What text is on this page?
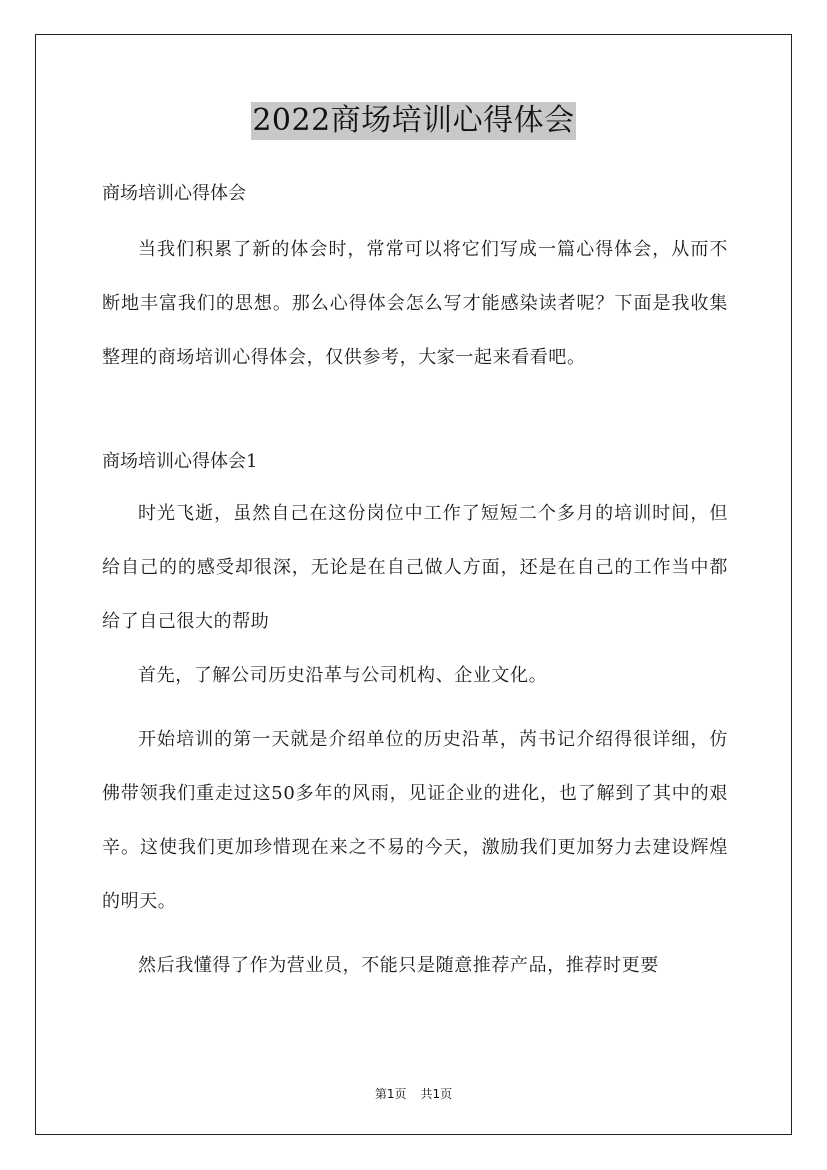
2022商场培训心得体会

商场培训心得体会

当我们积累了新的体会时，常常可以将它们写成一篇心得体会，从而不断地丰富我们的思想。那么心得体会怎么写才能感染读者呢？下面是我收集整理的商场培训心得体会，仅供参考，大家一起来看看吧。

商场培训心得体会1

时光飞逝，虽然自己在这份岗位中工作了短短二个多月的培训时间，但给自己的的感受却很深，无论是在自己做人方面，还是在自己的工作当中都给了自己很大的帮助

首先，了解公司历史沿革与公司机构、企业文化。

开始培训的第一天就是介绍单位的历史沿革，芮书记介绍得很详细，仿佛带领我们重走过这50多年的风雨，见证企业的进化，也了解到了其中的艰辛。这使我们更加珍惜现在来之不易的今天，激励我们更加努力去建设辉煌的明天。

然后我懂得了作为营业员，不能只是随意推荐产品，推荐时更要

第1页 共1页
